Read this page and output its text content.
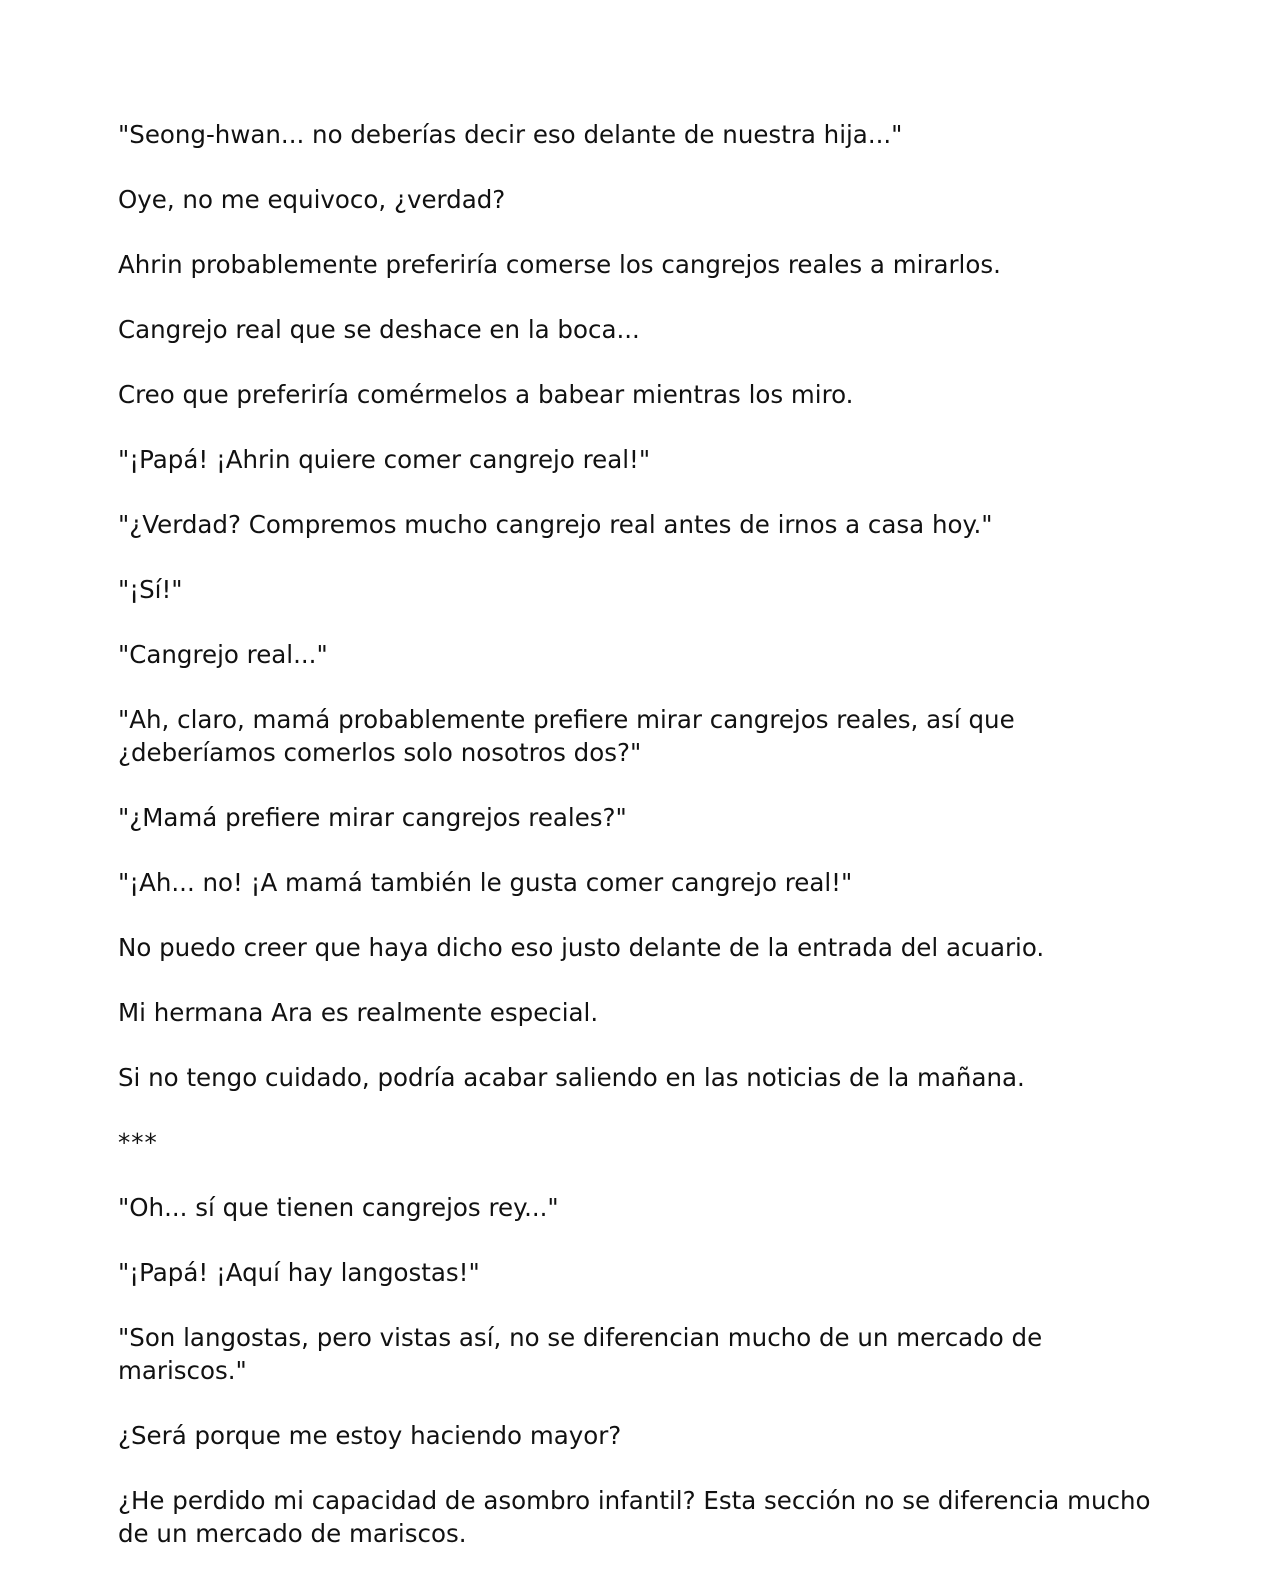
"Seong-hwan... no deberías decir eso delante de nuestra hija..."

Oye, no me equivoco, ¿verdad?

Ahrin probablemente preferiría comerse los cangrejos reales a mirarlos.

Cangrejo real que se deshace en la boca...

Creo que preferiría comérmelos a babear mientras los miro.

"¡Papá! ¡Ahrin quiere comer cangrejo real!"

"¿Verdad? Compremos mucho cangrejo real antes de irnos a casa hoy."

"¡Sí!"

"Cangrejo real..."

"Ah, claro, mamá probablemente prefiere mirar cangrejos reales, así que ¿deberíamos comerlos solo nosotros dos?"

"¿Mamá prefiere mirar cangrejos reales?"

"¡Ah... no! ¡A mamá también le gusta comer cangrejo real!"

No puedo creer que haya dicho eso justo delante de la entrada del acuario.

Mi hermana Ara es realmente especial.

Si no tengo cuidado, podría acabar saliendo en las noticias de la mañana.

***

"Oh... sí que tienen cangrejos rey..."

"¡Papá! ¡Aquí hay langostas!"

"Son langostas, pero vistas así, no se diferencian mucho de un mercado de mariscos."

¿Será porque me estoy haciendo mayor?

¿He perdido mi capacidad de asombro infantil? Esta sección no se diferencia mucho de un mercado de mariscos.
